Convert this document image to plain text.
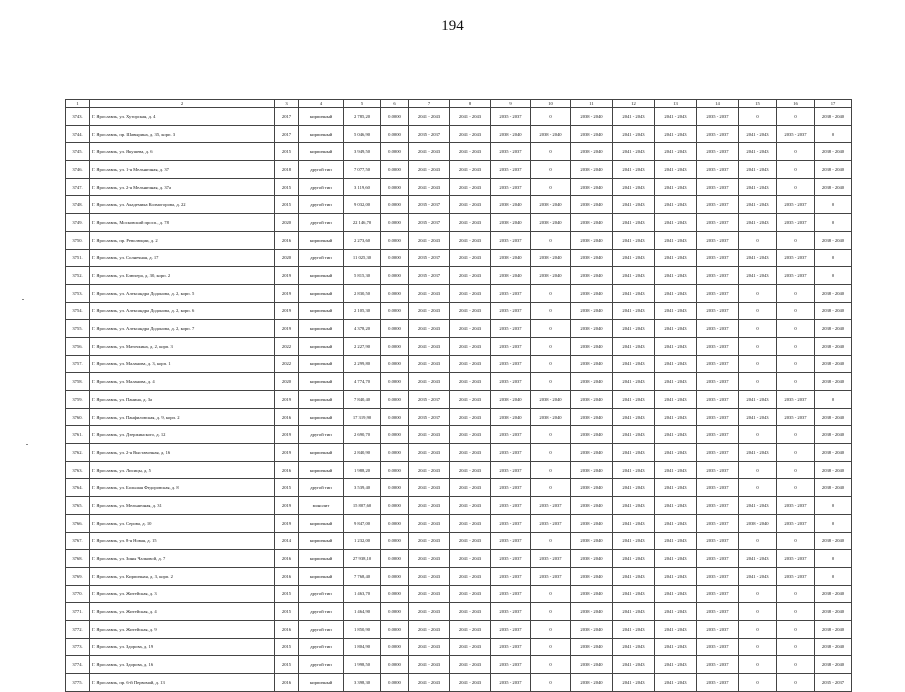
194
1	2	3	4	5	6	7	8	9	10	11	12	13	14	15	16	17
3743.	Г. Ярославль, ул. Хуторская, д. 4	2017	кирпичный	2 785,20	0.0000	2041 - 2043	2041 - 2043	2035 - 2037	0	2038 - 2040	2041 - 2043	2041 - 2043	2035 - 2037	0	0	2038 - 2040
3744.	Г. Ярославль, пр. Шавырина, д. 35, корп. 3	2017	кирпичный	5 046,90	0.0000	2035 - 2037	2041 - 2043	2038 - 2040	2038 - 2040	2038 - 2040	2041 - 2043	2041 - 2043	2035 - 2037	2041 - 2043	2035 - 2037	0
3745.	Г. Ярославль, ул. Якушева, д. 6	2015	кирпичный	3 949,50	0.0000	2041 - 2043	2041 - 2043	2035 - 2037	0	2038 - 2040	2041 - 2043	2041 - 2043	2035 - 2037	2041 - 2043	0	2038 - 2040
3746.	Г. Ярославль, ул. 1-я Мельничная, д. 37	2018	другой тип	7 077,50	0.0000	2041 - 2043	2041 - 2043	2035 - 2037	0	2038 - 2040	2041 - 2043	2041 - 2043	2035 - 2037	2041 - 2043	0	2038 - 2040
3747.	Г. Ярославль, ул. 2-я Мельничная, д. 37а	2015	другой тип	3 119,60	0.0000	2041 - 2043	2041 - 2043	2035 - 2037	0	2038 - 2040	2041 - 2043	2041 - 2043	2035 - 2037	2041 - 2043	0	2038 - 2040
3748.	Г. Ярославль, ул. Академика Колмогорова, д. 22	2015	другой тип	9 032,00	0.0000	2035 - 2037	2041 - 2043	2038 - 2040	2038 - 2040	2038 - 2040	2041 - 2043	2041 - 2043	2035 - 2037	2041 - 2043	2035 - 2037	0
3749.	Г. Ярославль, Московский просп., д. 78	2020	другой тип	22 146,70	0.0000	2035 - 2037	2041 - 2043	2038 - 2040	2038 - 2040	2038 - 2040	2041 - 2043	2041 - 2043	2035 - 2037	2041 - 2043	2035 - 2037	0
3750.	Г. Ярославль, пр. Революции, д. 2	2016	кирпичный	2 273,60	0.0000	2041 - 2043	2041 - 2043	2035 - 2037	0	2038 - 2040	2041 - 2043	2041 - 2043	2035 - 2037	0	0	2038 - 2040
3751.	Г. Ярославль, ул. Солнечная, д. 17	2020	другой тип	11 025,30	0.0000	2035 - 2037	2041 - 2043	2038 - 2040	2038 - 2040	2038 - 2040	2041 - 2043	2041 - 2043	2035 - 2037	2041 - 2043	2035 - 2037	0
3752.	Г. Ярославль, ул. Блюхера, д. 30, корп. 2	2019	кирпичный	5 815,30	0.0000	2035 - 2037	2041 - 2043	2038 - 2040	2038 - 2040	2038 - 2040	2041 - 2043	2041 - 2043	2035 - 2037	2041 - 2043	2035 - 2037	0
3753.	Г. Ярославль, ул. Александра Додонова, д. 2, корп. 5	2019	кирпичный	2 830,50	0.0000	2041 - 2043	2041 - 2043	2035 - 2037	0	2038 - 2040	2041 - 2043	2041 - 2043	2035 - 2037	0	0	2038 - 2040
3754.	Г. Ярославль, ул. Александра Додонова, д. 2, корп. 6	2019	кирпичный	2 105,30	0.0000	2041 - 2043	2041 - 2043	2035 - 2037	0	2038 - 2040	2041 - 2043	2041 - 2043	2035 - 2037	0	0	2038 - 2040
3755.	Г. Ярославль, ул. Александра Додонова, д. 2, корп. 7	2019	кирпичный	4 378,20	0.0000	2041 - 2043	2041 - 2043	2035 - 2037	0	2038 - 2040	2041 - 2043	2041 - 2043	2035 - 2037	0	0	2038 - 2040
3756.	Г. Ярославль, ул. Маточкина, д. 2, корп. 3	2022	кирпичный	2 227,90	0.0000	2041 - 2043	2041 - 2043	2035 - 2037	0	2038 - 2040	2041 - 2043	2041 - 2043	2035 - 2037	0	0	2038 - 2040
3757.	Г. Ярославль, ул. Маланова, д. 3, корп. 1	2022	кирпичный	2 299,80	0.0000	2041 - 2043	2041 - 2043	2035 - 2037	0	2038 - 2040	2041 - 2043	2041 - 2043	2035 - 2037	0	0	2038 - 2040
3758.	Г. Ярославль, ул. Маланова, д. 4	2020	кирпичный	4 774,70	0.0000	2041 - 2043	2041 - 2043	2035 - 2037	0	2038 - 2040	2041 - 2043	2041 - 2043	2035 - 2037	0	0	2038 - 2040
3759.	Г. Ярославль, ул. Панина, д. 3а	2019	кирпичный	7 840,40	0.0000	2035 - 2037	2041 - 2043	2038 - 2040	2038 - 2040	2038 - 2040	2041 - 2043	2041 - 2043	2035 - 2037	2041 - 2043	2035 - 2037	0
3760.	Г. Ярославль, ул. Панфиловская, д. 9, корп. 2	2016	кирпичный	17 319,90	0.0000	2035 - 2037	2041 - 2043	2038 - 2040	2038 - 2040	2038 - 2040	2041 - 2043	2041 - 2043	2035 - 2037	2041 - 2043	2035 - 2037	2038 - 2040
3761.	Г. Ярославль, ул. Дзержинского, д. 12	2019	другой тип	2 690,70	0.0000	2041 - 2043	2041 - 2043	2035 - 2037	0	2038 - 2040	2041 - 2043	2041 - 2043	2035 - 2037	0	0	2038 - 2040
3762.	Г. Ярославль, ул. 2-я Выставочная, д. 16	2019	кирпичный	2 840,90	0.0000	2041 - 2043	2041 - 2043	2035 - 2037	0	2038 - 2040	2041 - 2043	2041 - 2043	2035 - 2037	2041 - 2043	0	2038 - 2040
3763.	Г. Ярославль, ул. Лисицы, д. 5	2016	кирпичный	1 988,20	0.0000	2041 - 2043	2041 - 2043	2035 - 2037	0	2038 - 2040	2041 - 2043	2041 - 2043	2035 - 2037	0	0	2038 - 2040
3764.	Г. Ярославль, ул. Большая Федоровская, д. 8	2015	другой тип	3 539,40	0.0000	2041 - 2043	2041 - 2043	2035 - 2037	0	2038 - 2040	2041 - 2043	2041 - 2043	2035 - 2037	0	0	2038 - 2040
3765.	Г. Ярославль, ул. Мельничная, д. 31	2019	монолит	15 807,60	0.0000	2041 - 2043	2041 - 2043	2035 - 2037	2035 - 2037	2038 - 2040	2041 - 2043	2041 - 2043	2035 - 2037	2041 - 2043	2035 - 2037	0
3766.	Г. Ярославль, ул. Серова, д. 10	2019	кирпичный	9 847,00	0.0000	2041 - 2043	2041 - 2043	2035 - 2037	2035 - 2037	2038 - 2040	2041 - 2043	2041 - 2043	2035 - 2037	2038 - 2040	2035 - 2037	0
3767.	Г. Ярославль, ул. 8-я Новая, д. 15	2014	кирпичный	1 232,00	0.0000	2041 - 2043	2041 - 2043	2035 - 2037	0	2038 - 2040	2041 - 2043	2041 - 2043	2035 - 2037	0	0	2038 - 2040
3768.	Г. Ярославль, ул. Зины Чалковой, д. 7	2016	кирпичный	27 938,10	0.0000	2041 - 2043	2041 - 2043	2035 - 2037	2035 - 2037	2038 - 2040	2041 - 2043	2041 - 2043	2035 - 2037	2041 - 2043	2035 - 2037	0
3769.	Г. Ярославль, ул. Кирпичная, д. 3, корп. 2	2016	кирпичный	7 768,40	0.0000	2041 - 2043	2041 - 2043	2035 - 2037	2035 - 2037	2038 - 2040	2041 - 2043	2041 - 2043	2035 - 2037	2041 - 2043	2035 - 2037	0
3770.	Г. Ярославль, ул. Житейская, д. 3	2015	другой тип	1 463,70	0.0000	2041 - 2043	2041 - 2043	2035 - 2037	0	2038 - 2040	2041 - 2043	2041 - 2043	2035 - 2037	0	0	2038 - 2040
3771.	Г. Ярославль, ул. Житейская, д. 4	2015	другой тип	1 464,90	0.0000	2041 - 2043	2041 - 2043	2035 - 2037	0	2038 - 2040	2041 - 2043	2041 - 2043	2035 - 2037	0	0	2038 - 2040
3772.	Г. Ярославль, ул. Житейская, д. 9	2016	другой тип	1 850,90	0.0000	2041 - 2043	2041 - 2043	2035 - 2037	0	2038 - 2040	2041 - 2043	2041 - 2043	2035 - 2037	0	0	2038 - 2040
3773.	Г. Ярославль, ул. Здорова, д. 19	2015	другой тип	1 804,90	0.0000	2041 - 2043	2041 - 2043	2035 - 2037	0	2038 - 2040	2041 - 2043	2041 - 2043	2035 - 2037	0	0	2038 - 2040
3774.	Г. Ярославль, ул. Здорова, д. 16	2015	другой тип	1 998,50	0.0000	2041 - 2043	2041 - 2043	2035 - 2037	0	2038 - 2040	2041 - 2043	2041 - 2043	2035 - 2037	0	0	2038 - 2040
3775.	Г. Ярославль, пр. 6-й Первомай, д. 13	2016	кирпичный	3 398,30	0.0000	2041 - 2043	2041 - 2043	2035 - 2037	0	2038 - 2040	2041 - 2043	2041 - 2043	2035 - 2037	0	0	2035 - 2037
